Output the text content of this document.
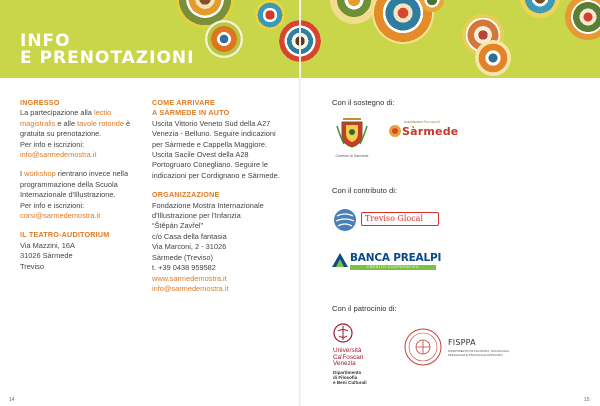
INFO
E PRENOTAZIONI

INGRESSO

La partecipazione alla lectio magistralis e alle tavole rotonde è gratuita su prenotazione.

Per info e iscrizioni:

info@sarmedemostra.it

I workshop rientrano invece nella programmazione della Scuola Internazionale d'Illustrazione.

Per info e iscrizioni:

corsi@sarmedemostra.it

IL TEATRO-AUDITORIUM

Via Mazzini, 16A

31026 Sàrmede

Treviso

COME ARRIVARE

A SÀRMEDE IN AUTO

Uscita Vittorio Veneto Sud della A27 Venezia - Belluno. Seguire indicazioni per Sàrmede e Cappella Maggiore. Uscita Sacile Ovest della A28 Portogruaro Conegliano. Seguire le indicazioni per Cordignano e Sàrmede.

ORGANIZZAZIONE

Fondazione Mostra Internazionale d'Illustrazione per l'Infanzia

“Štěpán Zavřel”

c/o Casa della fantasia

Via Marconi, 2 - 31026

Sàrmede (Treviso)

t. +39 0438 959582

www.sarmedemostra.it

info@sarmedemostra.it

Con il sostegno di:
Comune di Sàrmede
Associazione Pro Loco di
Sàrmede
Con il contributo di:
Treviso Glocal
BANCA PREALPI
CREDITO COOPERATIVO
Con il patrocinio di:
Università
Ca'Foscari
Venezia
Dipartimento
di Filosofia
e Beni Culturali
FISPPA
DIPARTIMENTO DI FILOSOFIA, SOCIOLOGIA,
PEDAGOGIA E PSICOLOGIA APPLICATA
14	15
